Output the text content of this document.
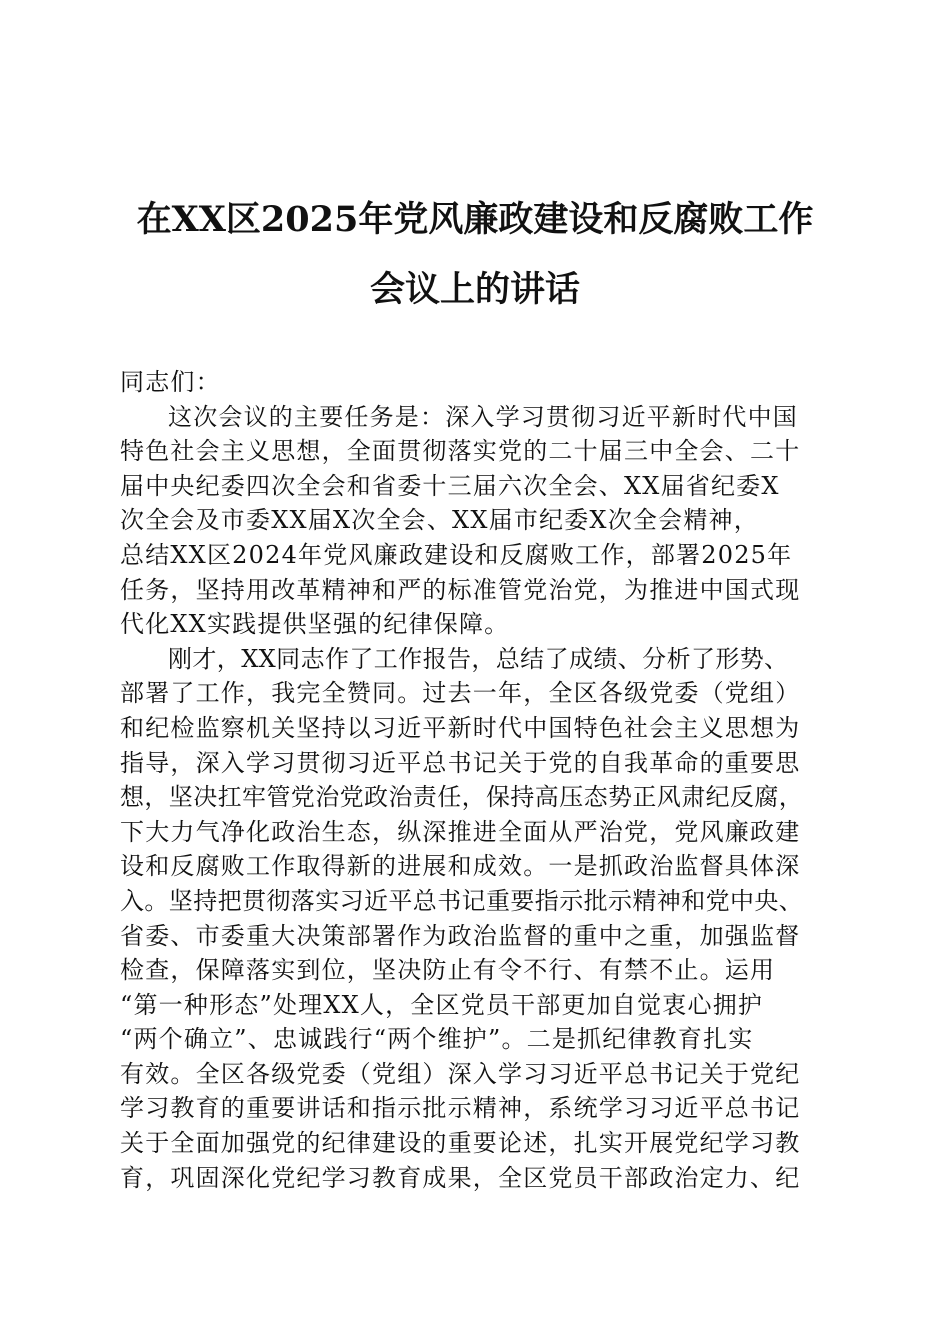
在XX区2025年党风廉政建设和反腐败工作
会议上的讲话
同志们：
这次会议的主要任务是：深入学习贯彻习近平新时代中国
特色社会主义思想，全面贯彻落实党的二十届三中全会、二十
届中央纪委四次全会和省委十三届六次全会、XX届省纪委X
次全会及市委XX届X次全会、XX届市纪委X次全会精神，
总结XX区2024年党风廉政建设和反腐败工作，部署2025年
任务，坚持用改革精神和严的标准管党治党，为推进中国式现
代化XX实践提供坚强的纪律保障。
刚才，XX同志作了工作报告，总结了成绩、分析了形势、
部署了工作，我完全赞同。过去一年，全区各级党委（党组）
和纪检监察机关坚持以习近平新时代中国特色社会主义思想为
指导，深入学习贯彻习近平总书记关于党的自我革命的重要思
想，坚决扛牢管党治党政治责任，保持高压态势正风肃纪反腐，
下大力气净化政治生态，纵深推进全面从严治党，党风廉政建
设和反腐败工作取得新的进展和成效。一是抓政治监督具体深
入。坚持把贯彻落实习近平总书记重要指示批示精神和党中央、
省委、市委重大决策部署作为政治监督的重中之重，加强监督
检查，保障落实到位，坚决防止有令不行、有禁不止。运用
“第一种形态”处理XX人，全区党员干部更加自觉衷心拥护
“两个确立”、忠诚践行“两个维护”。二是抓纪律教育扎实
有效。全区各级党委（党组）深入学习习近平总书记关于党纪
学习教育的重要讲话和指示批示精神，系统学习习近平总书记
关于全面加强党的纪律建设的重要论述，扎实开展党纪学习教
育，巩固深化党纪学习教育成果，全区党员干部政治定力、纪
